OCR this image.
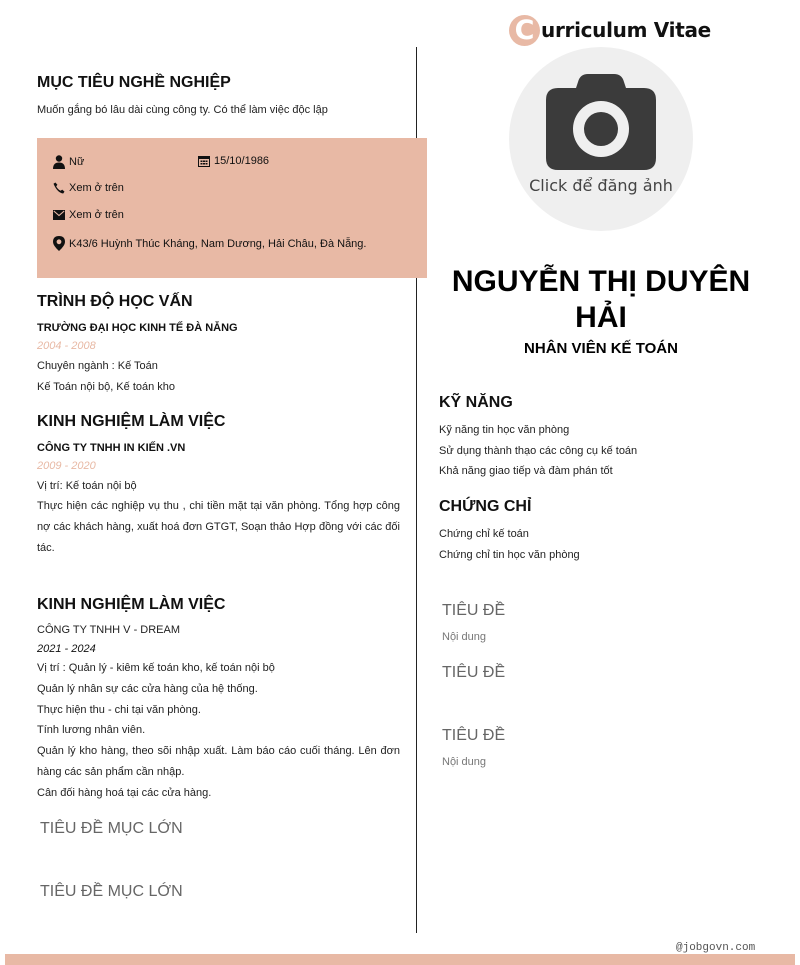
C urriculum Vitae
Click để đăng ảnh
MỤC TIÊU NGHỀ NGHIỆP
Muốn gắng bó lâu dài cùng công ty. Có thể làm việc độc lập
Nữ	15/10/1986
Xem ở trên
Xem ở trên
K43/6 Huỳnh Thúc Kháng, Nam Dương, Hải Châu, Đà Nẵng.
TRÌNH ĐỘ HỌC VẤN
TRƯỜNG ĐẠI HỌC KINH TẾ ĐÀ NẴNG
2004 - 2008
Chuyên ngành : Kế Toán
Kế Toán nội bộ, Kế toán kho
KINH NGHIỆM LÀM VIỆC
CÔNG TY TNHH IN KIẾN .VN
2009 - 2020
Vị trí: Kế toán nội bộ
Thực hiện các nghiệp vụ thu , chi tiền mặt tại văn phòng. Tổng hợp công nợ các khách hàng, xuất hoá đơn GTGT, Soạn thảo Hợp đồng với các đối tác.
KINH NGHIỆM LÀM VIỆC
CÔNG TY TNHH V - DREAM
2021 - 2024
Vị trí : Quản lý - kiêm kế toán kho, kế toán nội bộ
Quản lý nhân sự các cửa hàng của hệ thống.
Thực hiện thu - chi tại văn phòng.
Tính lương nhân viên.
Quản lý kho hàng, theo sõi nhập xuất. Làm báo cáo cuối tháng. Lên đơn hàng các sản phẩm cần nhập.
Cân đối hàng hoá tại các cửa hàng.
TIÊU ĐỀ MỤC LỚN
TIÊU ĐỀ MỤC LỚN
NGUYỄN THỊ DUYÊN HẢI
NHÂN VIÊN KẾ TOÁN
KỸ NĂNG
Kỹ năng tin học văn phòng
Sử dụng thành thạo các công cụ kế toán
Khả năng giao tiếp và đàm phán tốt
CHỨNG CHỈ
Chứng chỉ kế toán
Chứng chỉ tin học văn phòng
TIÊU ĐỀ
Nội dung
TIÊU ĐỀ
TIÊU ĐỀ
Nội dung
@jobgovn.com
